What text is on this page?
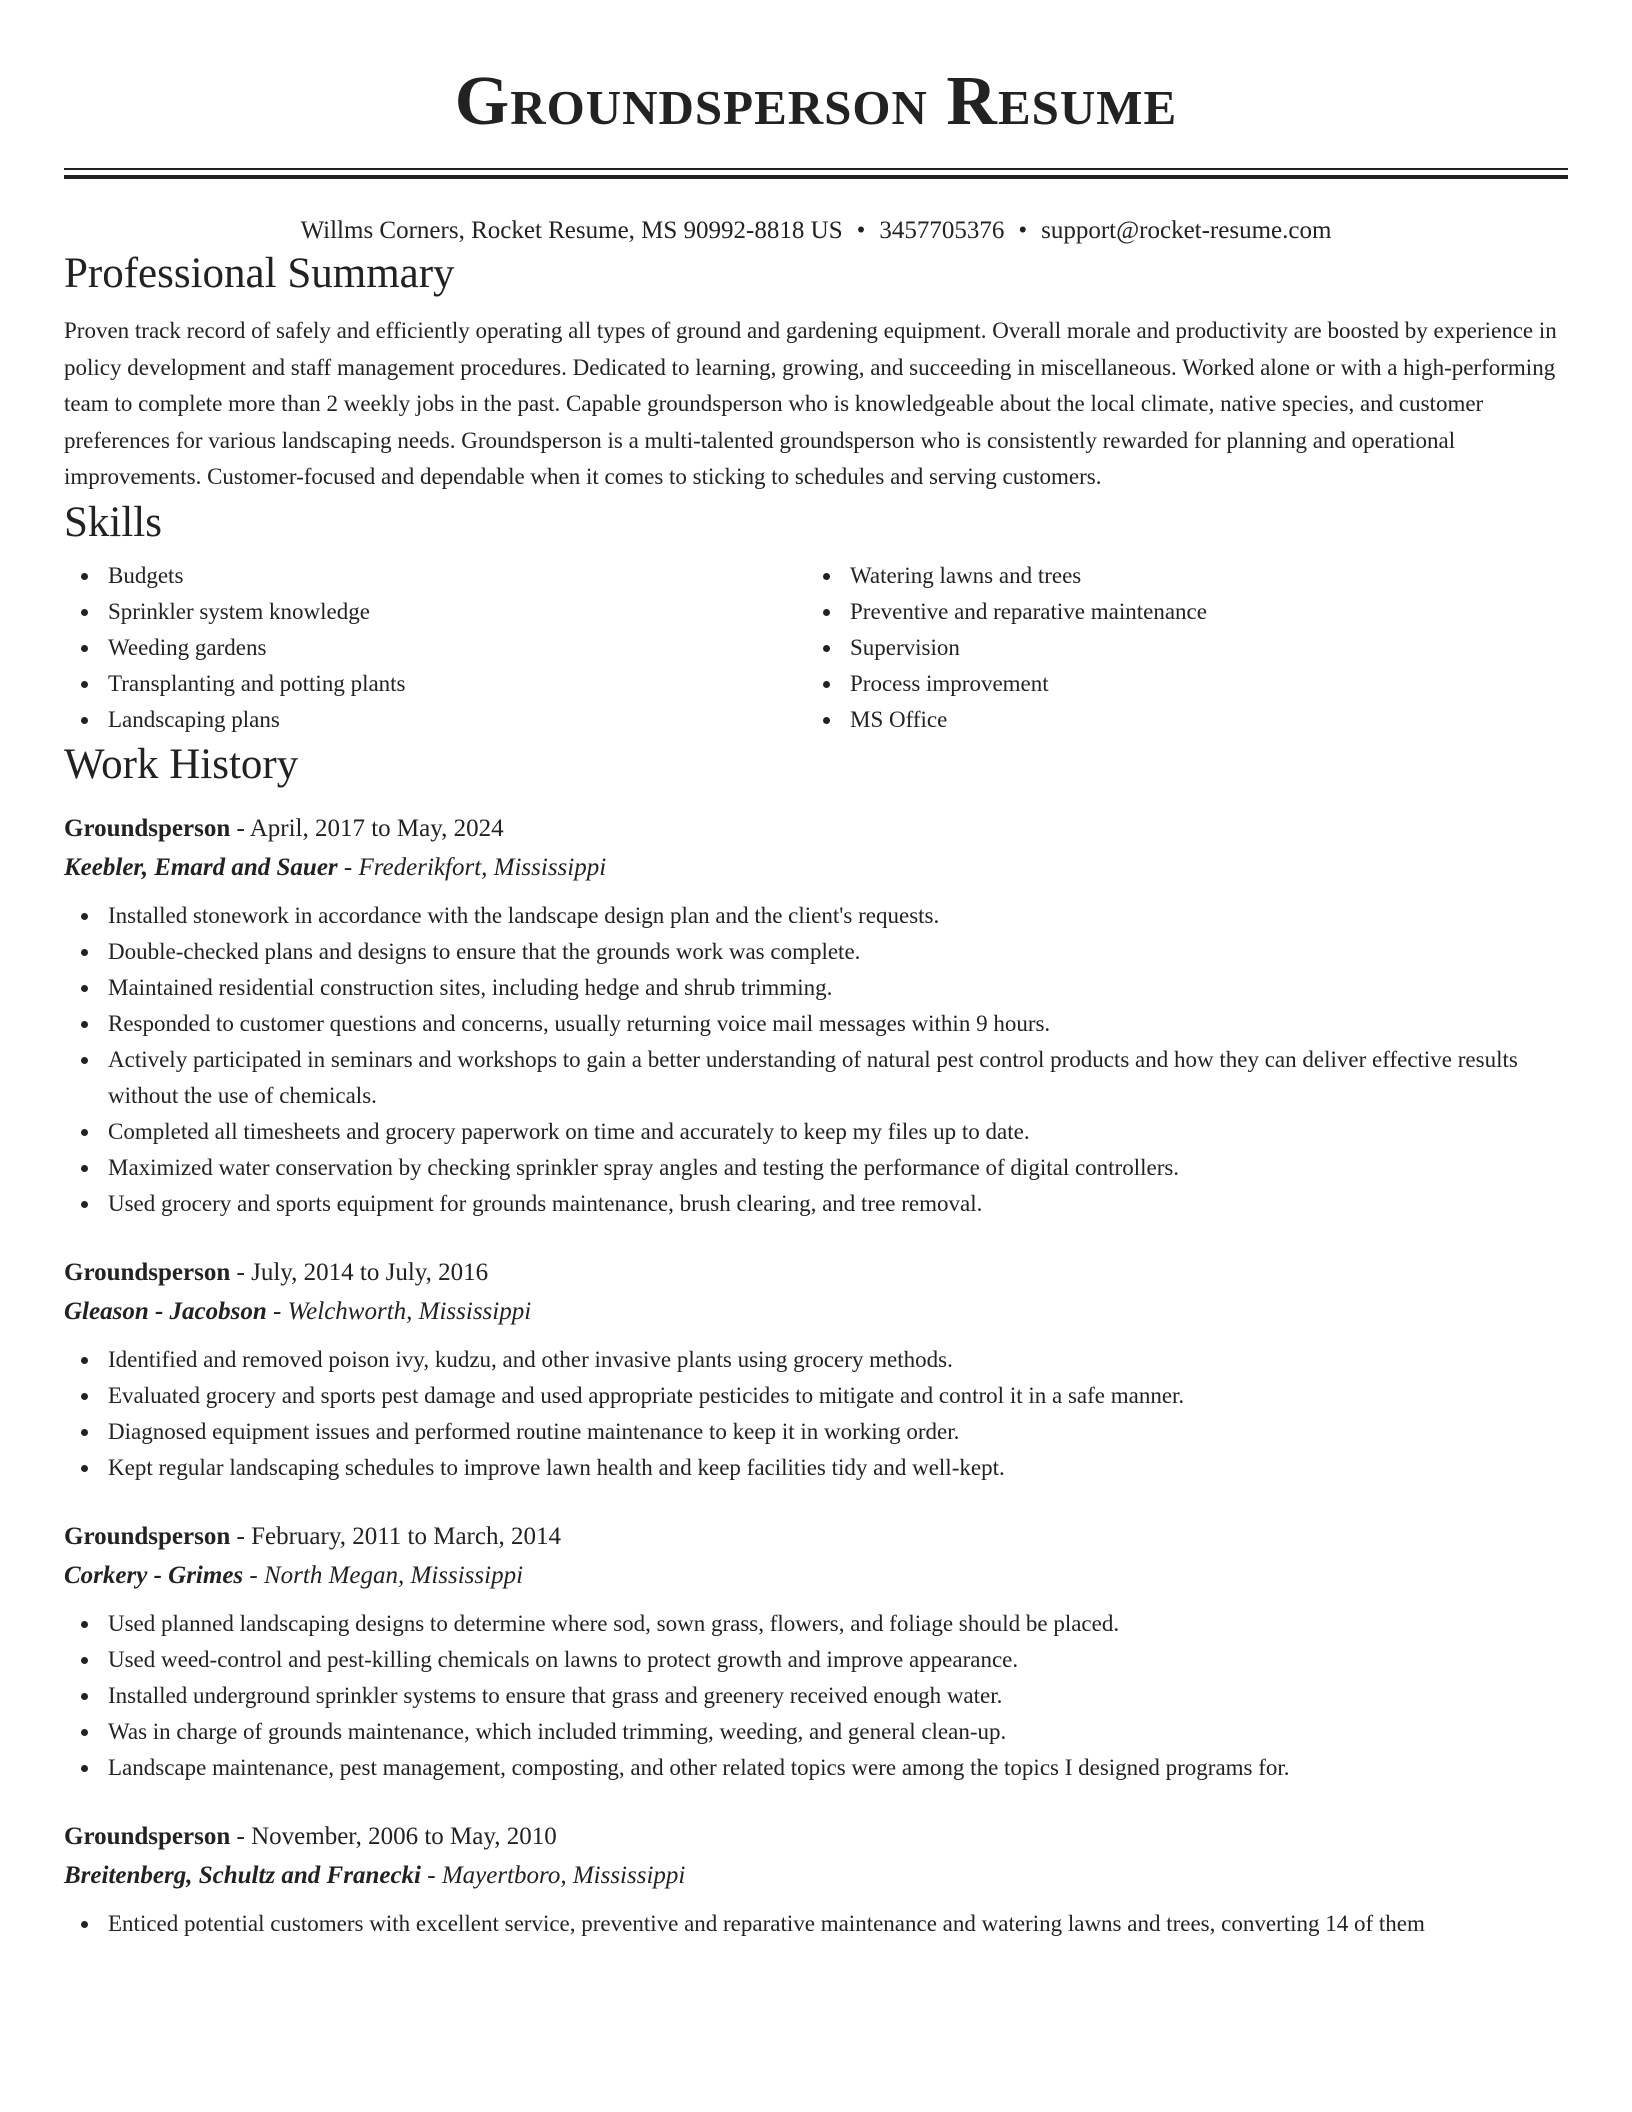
Groundsperson Resume
Willms Corners, Rocket Resume, MS 90992-8818 US • 3457705376 • support@rocket-resume.com
Professional Summary
Proven track record of safely and efficiently operating all types of ground and gardening equipment. Overall morale and productivity are boosted by experience in policy development and staff management procedures. Dedicated to learning, growing, and succeeding in miscellaneous. Worked alone or with a high-performing team to complete more than 2 weekly jobs in the past. Capable groundsperson who is knowledgeable about the local climate, native species, and customer preferences for various landscaping needs. Groundsperson is a multi-talented groundsperson who is consistently rewarded for planning and operational improvements. Customer-focused and dependable when it comes to sticking to schedules and serving customers.
Skills
Budgets
Sprinkler system knowledge
Weeding gardens
Transplanting and potting plants
Landscaping plans
Watering lawns and trees
Preventive and reparative maintenance
Supervision
Process improvement
MS Office
Work History
Groundsperson - April, 2017 to May, 2024
Keebler, Emard and Sauer - Frederikfort, Mississippi
Installed stonework in accordance with the landscape design plan and the client's requests.
Double-checked plans and designs to ensure that the grounds work was complete.
Maintained residential construction sites, including hedge and shrub trimming.
Responded to customer questions and concerns, usually returning voice mail messages within 9 hours.
Actively participated in seminars and workshops to gain a better understanding of natural pest control products and how they can deliver effective results without the use of chemicals.
Completed all timesheets and grocery paperwork on time and accurately to keep my files up to date.
Maximized water conservation by checking sprinkler spray angles and testing the performance of digital controllers.
Used grocery and sports equipment for grounds maintenance, brush clearing, and tree removal.
Groundsperson - July, 2014 to July, 2016
Gleason - Jacobson - Welchworth, Mississippi
Identified and removed poison ivy, kudzu, and other invasive plants using grocery methods.
Evaluated grocery and sports pest damage and used appropriate pesticides to mitigate and control it in a safe manner.
Diagnosed equipment issues and performed routine maintenance to keep it in working order.
Kept regular landscaping schedules to improve lawn health and keep facilities tidy and well-kept.
Groundsperson - February, 2011 to March, 2014
Corkery - Grimes - North Megan, Mississippi
Used planned landscaping designs to determine where sod, sown grass, flowers, and foliage should be placed.
Used weed-control and pest-killing chemicals on lawns to protect growth and improve appearance.
Installed underground sprinkler systems to ensure that grass and greenery received enough water.
Was in charge of grounds maintenance, which included trimming, weeding, and general clean-up.
Landscape maintenance, pest management, composting, and other related topics were among the topics I designed programs for.
Groundsperson - November, 2006 to May, 2010
Breitenberg, Schultz and Franecki - Mayertboro, Mississippi
Enticed potential customers with excellent service, preventive and reparative maintenance and watering lawns and trees, converting 14 of them
